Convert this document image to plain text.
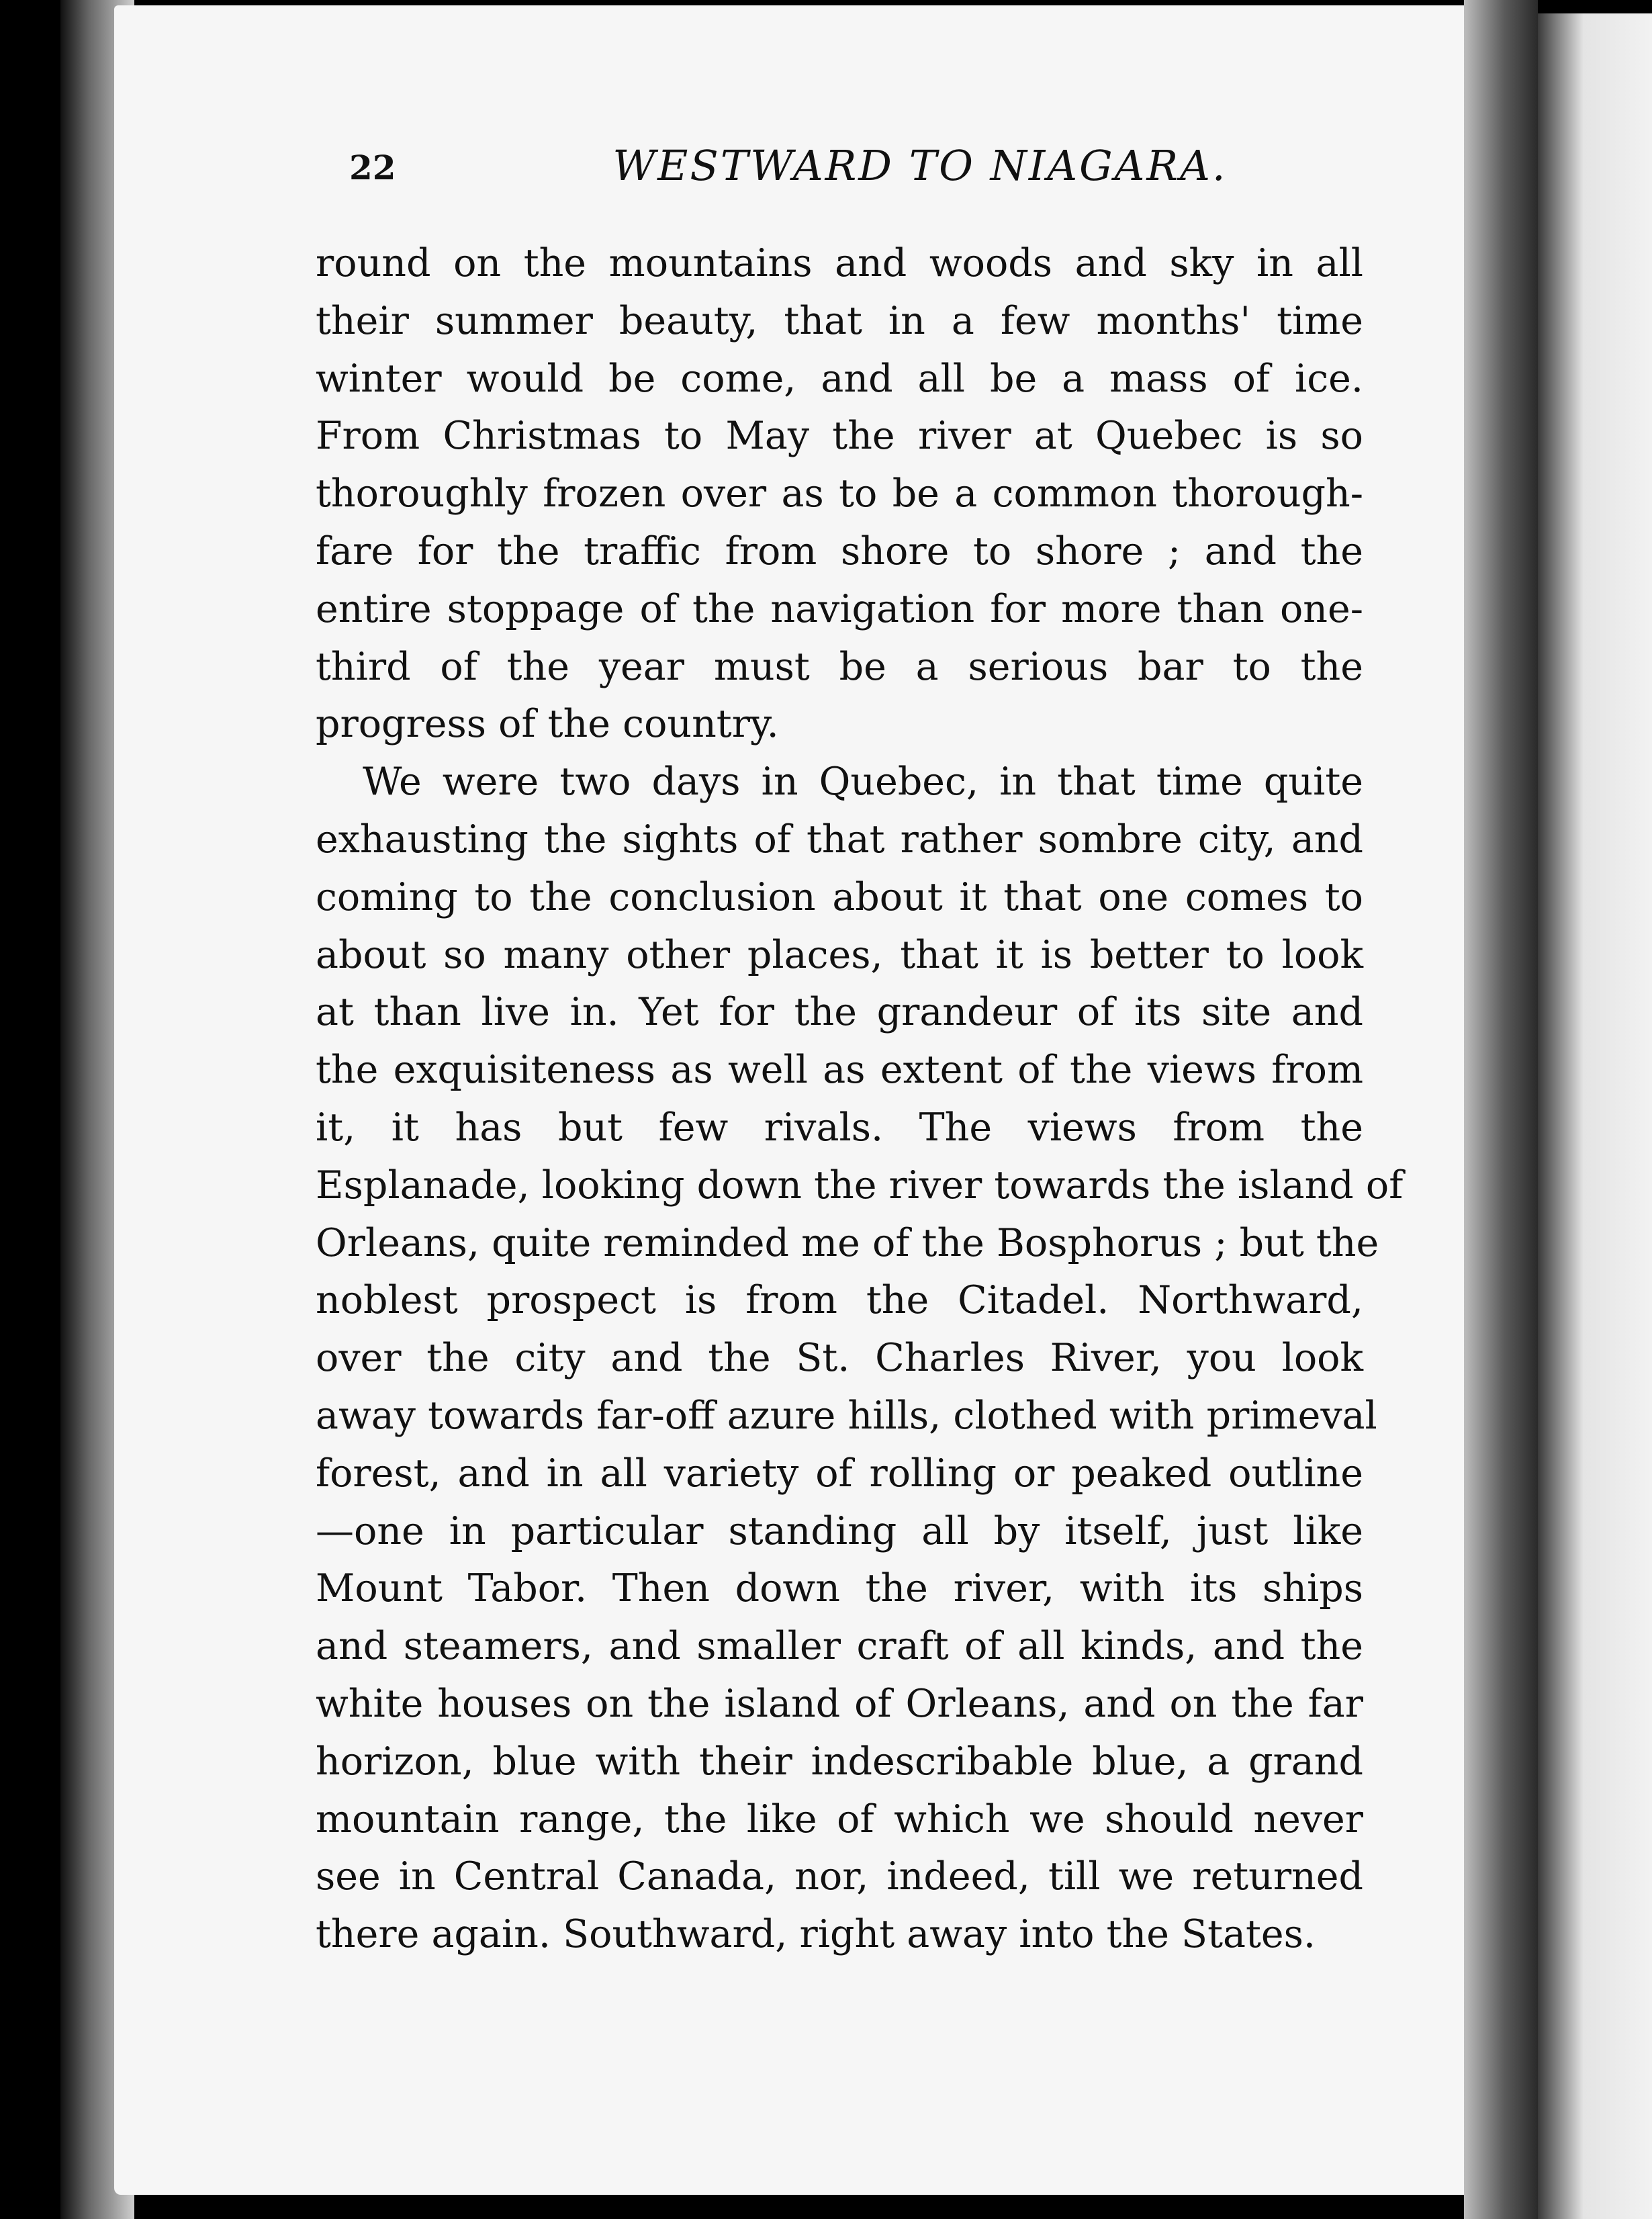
22	WESTWARD TO NIAGARA.
round on the mountains and woods and sky in all
their summer beauty, that in a few months' time
winter would be come, and all be a mass of ice.
From Christmas to May the river at Quebec is so
thoroughly frozen over as to be a common thorough-
fare for the traffic from shore to shore ; and the
entire stoppage of the navigation for more than one-
third of the year must be a serious bar to the
progress of the country.
We were two days in Quebec, in that time quite
exhausting the sights of that rather sombre city, and
coming to the conclusion about it that one comes to
about so many other places, that it is better to look
at than live in. Yet for the grandeur of its site and
the exquisiteness as well as extent of the views from
it, it has but few rivals. The views from the
Esplanade, looking down the river towards the island of
Orleans, quite reminded me of the Bosphorus ; but the
noblest prospect is from the Citadel. Northward,
over the city and the St. Charles River, you look
away towards far-off azure hills, clothed with primeval
forest, and in all variety of rolling or peaked outline
—one in particular standing all by itself, just like
Mount Tabor. Then down the river, with its ships
and steamers, and smaller craft of all kinds, and the
white houses on the island of Orleans, and on the far
horizon, blue with their indescribable blue, a grand
mountain range, the like of which we should never
see in Central Canada, nor, indeed, till we returned
there again. Southward, right away into the States.
